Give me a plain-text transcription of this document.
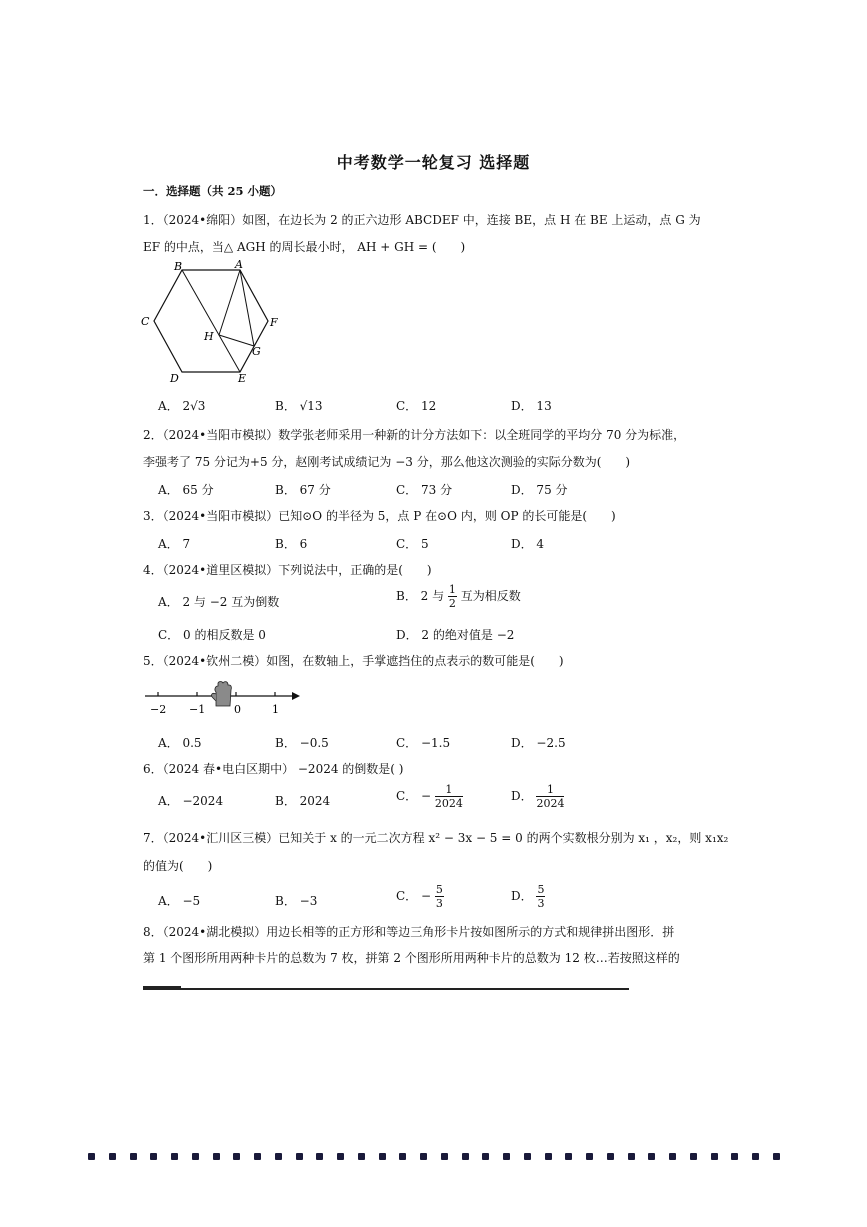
中考数学一轮复习 选择题
一．选择题（共 25 小题）
1．（2024•绵阳）如图，在边长为 2 的正六边形 ABCDEF 中，连接 BE，点 H 在 BE 上运动，点 G 为
EF 的中点，当△ AGH 的周长最小时， AH + GH = (　　)
B	A
C	F
H
G
D	E
A． 2√3	B． √13	C． 12	D． 13
2．（2024•当阳市模拟）数学张老师采用一种新的计分方法如下：以全班同学的平均分 70 分为标准，
李强考了 75 分记为+5 分，赵刚考试成绩记为 −3 分，那么他这次测验的实际分数为(　　)
A． 65 分	B． 67 分	C． 73 分	D． 75 分
3．（2024•当阳市模拟）已知⊙O 的半径为 5，点 P 在⊙O 内，则 OP 的长可能是(　　)
A． 7	B． 6	C． 5	D． 4
4．（2024•道里区模拟）下列说法中，正确的是(　　)
A． 2 与 −2 互为倒数	B． 2 与 $\frac{1}{2}$ 互为相反数
C． 0 的相反数是 0	D． 2 的绝对值是 −2
5．（2024•钦州二模）如图，在数轴上，手掌遮挡住的点表示的数可能是(　　)
−2 −1	0	1
A． 0.5	B． −0.5	C． −1.5	D． −2.5
6．（2024 春•电白区期中） −2024 的倒数是( )
A． −2024	B． 2024	C． − $\frac{1}{2024}$	D． $\frac{1}{2024}$
7．（2024•汇川区三模）已知关于 x 的一元二次方程 x² − 3x − 5 = 0 的两个实数根分别为 x₁ ，x₂，则 x₁x₂
的值为(　　)
A． −5	B． −3	C． − $\frac{5}{3}$	D． $\frac{5}{3}$
8．（2024•湖北模拟）用边长相等的正方形和等边三角形卡片按如图所示的方式和规律拼出图形．拼
第 1 个图形所用两种卡片的总数为 7 枚，拼第 2 个图形所用两种卡片的总数为 12 枚…若按照这样的
